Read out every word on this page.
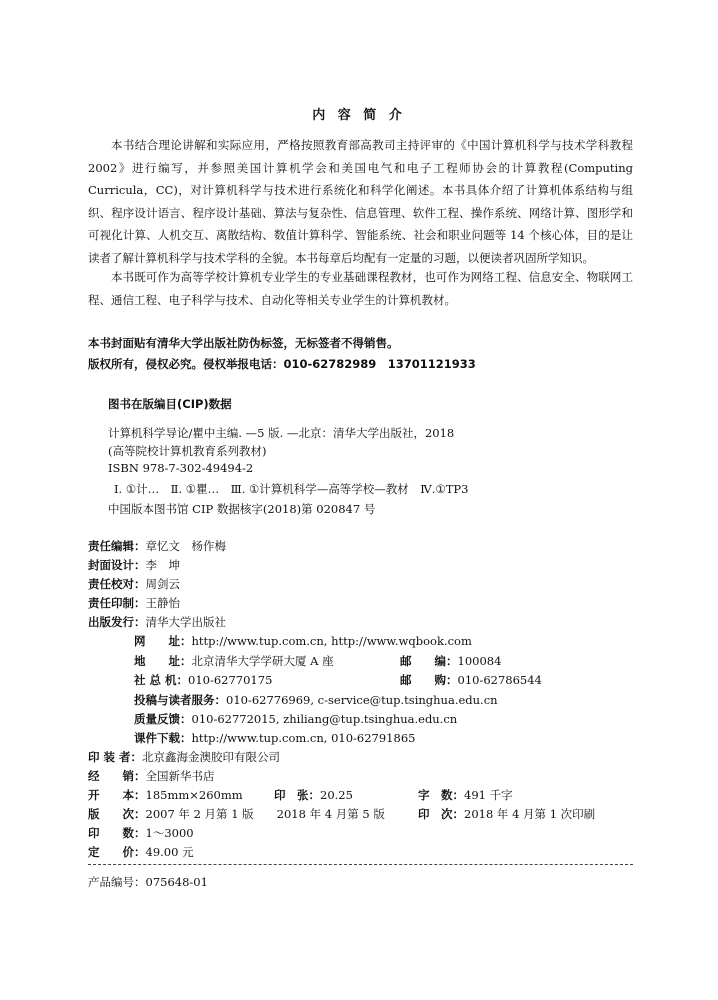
内 容 简 介

本书结合理论讲解和实际应用，严格按照教育部高教司主持评审的《中国计算机科学与技术学科教程 2002》进行编写，并参照美国计算机学会和美国电气和电子工程师协会的计算教程(Computing Curricula，CC)，对计算机科学与技术进行系统化和科学化阐述。本书具体介绍了计算机体系结构与组织、程序设计语言、程序设计基础、算法与复杂性、信息管理、软件工程、操作系统、网络计算、图形学和可视化计算、人机交互、离散结构、数值计算科学、智能系统、社会和职业问题等 14 个核心体，目的是让读者了解计算机科学与技术学科的全貌。本书每章后均配有一定量的习题，以便读者巩固所学知识。

本书既可作为高等学校计算机专业学生的专业基础课程教材，也可作为网络工程、信息安全、物联网工程、通信工程、电子科学与技术、自动化等相关专业学生的计算机教材。

本书封面贴有清华大学出版社防伪标签，无标签者不得销售。
版权所有，侵权必究。侵权举报电话：010-62782989　13701121933
图书在版编目(CIP)数据
计算机科学导论/瞿中主编. —5 版. —北京：清华大学出版社，2018
(高等院校计算机教育系列教材)
ISBN 978-7-302-49494-2
Ⅰ. ①计…　Ⅱ. ①瞿…　Ⅲ. ①计算机科学—高等学校—教材　Ⅳ.①TP3
中国版本图书馆 CIP 数据核字(2018)第 020847 号
责任编辑：章忆文　杨作梅
封面设计：李　坤
责任校对：周剑云
责任印制：王静怡
出版发行：清华大学出版社
网　　址：http://www.tup.com.cn, http://www.wqbook.com
地　　址：北京清华大学学研大厦 A 座	邮　　编：100084
社 总 机：010-62770175	邮　　购：010-62786544
投稿与读者服务：010-62776969, c-service@tup.tsinghua.edu.cn
质量反馈：010-62772015, zhiliang@tup.tsinghua.edu.cn
课件下载：http://www.tup.com.cn, 010-62791865
印 装 者：北京鑫海金澳胶印有限公司
经　　销：全国新华书店
开　　本：185mm×260mm	印　张：20.25	字　数：491 千字
版　　次：2007 年 2 月第 1 版　　2018 年 4 月第 5 版	印　次：2018 年 4 月第 1 次印刷
印　　数：1～3000
定　　价：49.00 元
产品编号：075648-01
